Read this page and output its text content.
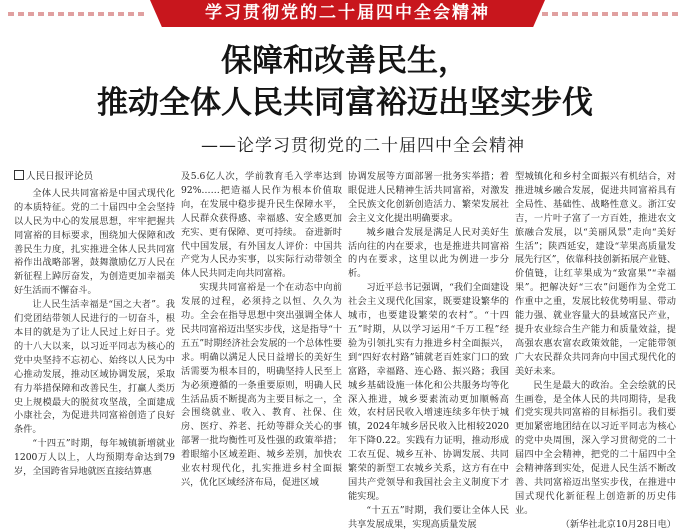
学习贯彻党的二十届四中全会精神
保障和改善民生，
推动全体人民共同富裕迈出坚实步伐
——论学习贯彻党的二十届四中全会精神

人民日报评论员

全体人民共同富裕是中国式现代化的本质特征。党的二十届四中全会坚持以人民为中心的发展思想，牢牢把握共同富裕的目标要求，围绕加大保障和改善民生力度，扎实推进全体人民共同富裕作出战略部署，鼓舞激励亿万人民在新征程上踔厉奋发，为创造更加幸福美好生活而不懈奋斗。

让人民生活幸福是“国之大者”。我们党团结带领人民进行的一切奋斗，根本目的就是为了让人民过上好日子。党的十八大以来，以习近平同志为核心的党中央坚持不忘初心、始终以人民为中心推动发展，推动区域协调发展，采取有力举措保障和改善民生，打赢人类历史上规模最大的脱贫攻坚战，全面建成小康社会，为促进共同富裕创造了良好条件。

“十四五”时期，每年城镇新增就业1200万人以上，人均预期寿命达到79岁，全国跨省异地就医直接结算惠

及5.6亿人次，学前教育毛入学率达到92%……把造福人民作为根本价值取向，在发展中稳步提升民生保障水平，人民群众获得感、幸福感、安全感更加充实、更有保障、更可持续。 奋进新时代中国发展，有外国友人评价：中国共产党为人民办实事，以实际行动带领全体人民共同走向共同富裕。

实现共同富裕是一个在动态中向前发展的过程，必须持之以恒、久久为功。全会在指导思想中突出强调全体人民共同富裕迈出坚实步伐，这是指导“十五五”时期经济社会发展的一个总体性要求。明确以满足人民日益增长的美好生活需要为根本目的，明确坚持人民至上为必须遵循的一条重要原则，明确人民生活品质不断提高为主要目标之一，全会围绕就业、收入、教育、社保、住房、医疗、养老、托幼等群众关心的事部署一批均衡性可及性强的政策举措；着眼缩小区域差距、城乡差别，加快农业农村现代化，扎实推进乡村全面振兴，优化区域经济布局，促进区域

协调发展等方面部署一批务实举措；着眼促进人民精神生活共同富裕，对激发全民族文化创新创造活力、繁荣发展社会主义文化提出明确要求。

城乡融合发展是满足人民对美好生活向往的内在要求，也是推进共同富裕的内在要求，这里以此为例进一步分析。

习近平总书记强调，“我们全面建设社会主义现代化国家，既要建设繁华的城市，也要建设繁荣的农村”。“十四五”时期，从以学习运用“千万工程”经验为引领扎实有力推进乡村全面振兴，到“四好农村路”铺就老百姓家门口的致富路，幸福路、连心路、振兴路；我国城乡基础设施一体化和公共服务均等化深入推进，城乡要素流动更加顺畅高效，农村居民收入增速连续多年快于城镇，2024年城乡居民收入比相较2020年下降0.22。实践有力证明，推动形成工农互促、城乡互补、协调发展、共同繁荣的新型工农城乡关系，这方有在中国共产党领导和我国社会主义制度下才能实现。

“十五五”时期，我们要让全体人民共享发展成果，实现高质量发展

型城镇化和乡村全面振兴有机结合，对推进城乡融合发展，促进共同富裕具有全局性、基础性、战略性意义。浙江安吉，一片叶子富了一方百姓，推进农文旅融合发展，以“美丽风景”走向“美好生活”；陕西延安，建设“苹果高质量发展先行区”，依靠科技创新拓展产业链、价值链，让红苹果成为“致富果”“幸福果”。把解决好“三农”问题作为全党工作重中之重，发展比较优势明显、带动能力强、就业容量大的县域富民产业，提升农业综合生产能力和质量效益，提高强农惠农富农政策效能，一定能带领广大农民群众共同奔向中国式现代化的美好未来。

民生是最大的政治。全会绘就的民生画卷，是全体人民的共同期待，是我们党实现共同富裕的目标指引。我们要更加紧密地团结在以习近平同志为核心的党中央周围，深入学习贯彻党的二十届四中全会精神，把党的二十届四中全会精神落到实处，促进人民生活不断改善、共同富裕迈出坚实步伐，在推进中国式现代化新征程上创造新的历史伟业。

（新华社北京10月28日电）
